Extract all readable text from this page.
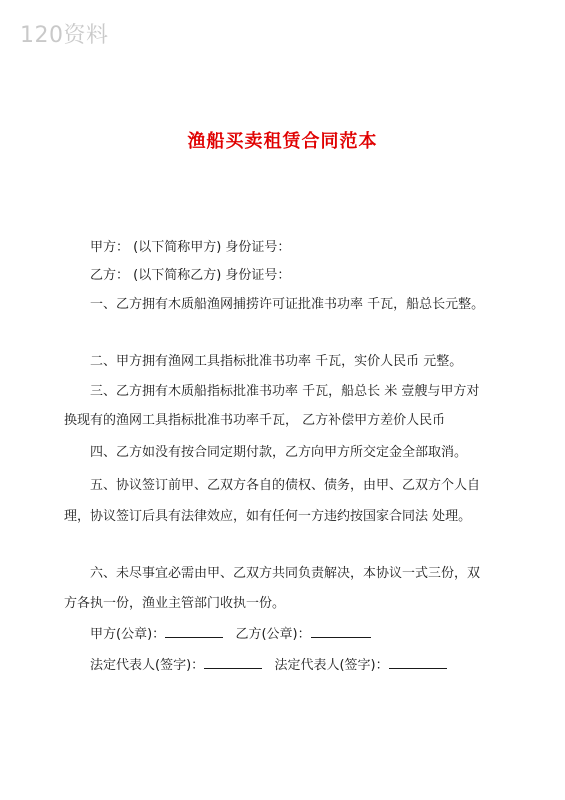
120资料
渔船买卖租赁合同范本
甲方： (以下简称甲方) 身份证号：
乙方： (以下简称乙方) 身份证号：
一、乙方拥有木质船渔网捕捞许可证批准书功率 千瓦，船总长元整。
二、甲方拥有渔网工具指标批准书功率 千瓦，实价人民币 元整。
三、乙方拥有木质船指标批准书功率 千瓦，船总长 米 壹艘与甲方对
换现有的渔网工具指标批准书功率千瓦， 乙方补偿甲方差价人民币
四、乙方如没有按合同定期付款，乙方向甲方所交定金全部取消。
五、协议签订前甲、乙双方各自的债权、债务，由甲、乙双方个人自
理，协议签订后具有法律效应，如有任何一方违约按国家合同法 处理。
六、未尽事宜必需由甲、乙双方共同负责解决，本协议一式三份，双
方各执一份，渔业主管部门收执一份。
甲方(公章)：	乙方(公章)：
法定代表人(签字)：	法定代表人(签字)：
